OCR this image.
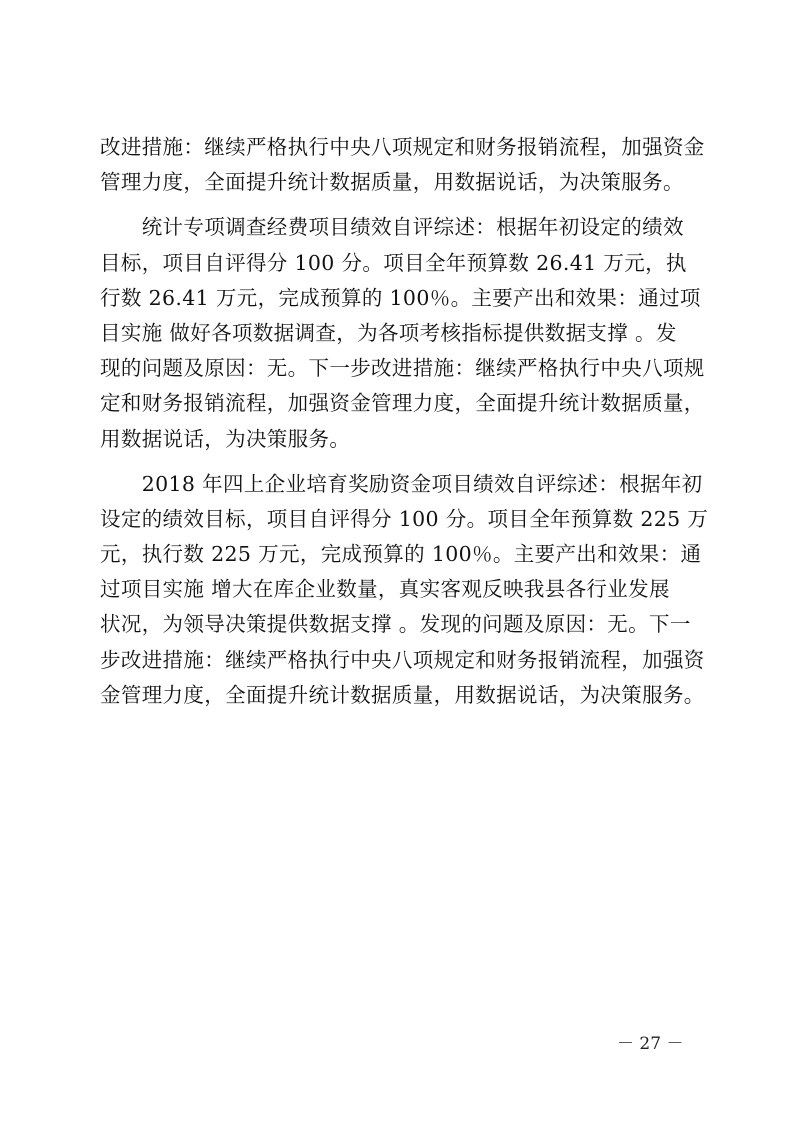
改进措施：继续严格执行中央八项规定和财务报销流程，加强资金
管理力度，全面提升统计数据质量，用数据说话，为决策服务。
　　统计专项调查经费项目绩效自评综述：根据年初设定的绩效
目标，项目自评得分 100 分。项目全年预算数 26.41 万元，执
行数 26.41 万元，完成预算的 100％。主要产出和效果：通过项
目实施 做好各项数据调查，为各项考核指标提供数据支撑 。发
现的问题及原因：无。下一步改进措施：继续严格执行中央八项规
定和财务报销流程，加强资金管理力度，全面提升统计数据质量，
用数据说话，为决策服务。
　　2018 年四上企业培育奖励资金项目绩效自评综述：根据年初
设定的绩效目标，项目自评得分 100 分。项目全年预算数 225 万
元，执行数 225 万元，完成预算的 100％。主要产出和效果：通
过项目实施 增大在库企业数量，真实客观反映我县各行业发展
状况，为领导决策提供数据支撑 。发现的问题及原因：无。下一
步改进措施：继续严格执行中央八项规定和财务报销流程，加强资
金管理力度，全面提升统计数据质量，用数据说话，为决策服务。
－ 27 －
